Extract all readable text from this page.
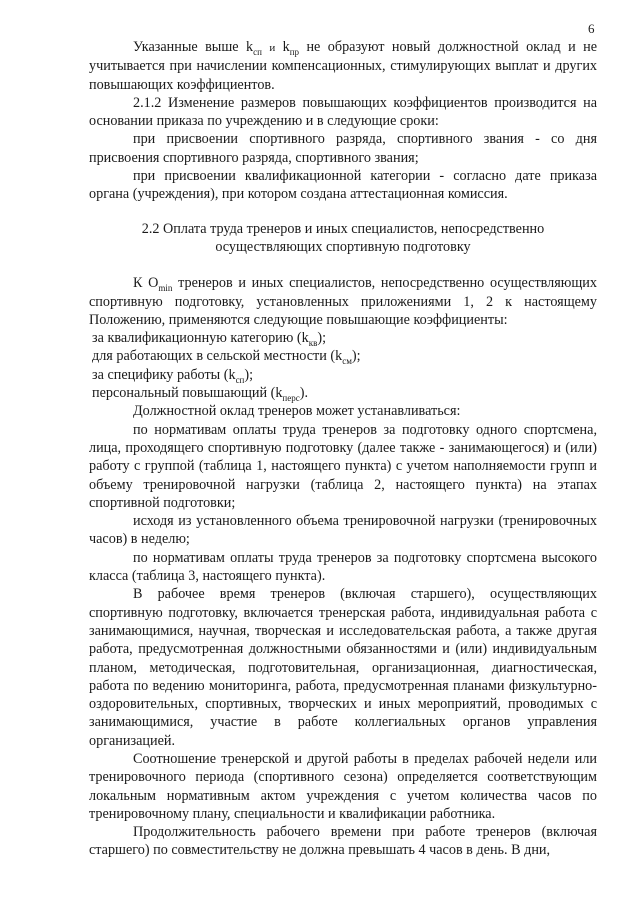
6

Указанные выше $k_{сп}$ и $k_{пр}$ не образуют новый должностной оклад и не учитывается при начислении компенсационных, стимулирующих выплат и других повышающих коэффициентов.

2.1.2 Изменение размеров повышающих коэффициентов производится на основании приказа по учреждению и в следующие сроки:

при присвоении спортивного разряда, спортивного звания - со дня присвоения спортивного разряда, спортивного звания;

при присвоении квалификационной категории - согласно дате приказа органа (учреждения), при котором создана аттестационная комиссия.

2.2 Оплата труда тренеров и иных специалистов, непосредственно осуществляющих спортивную подготовку

К $О_{min}$ тренеров и иных специалистов, непосредственно осуществляющих спортивную подготовку, установленных приложениями 1, 2 к настоящему Положению, применяются следующие повышающие коэффициенты:

за квалификационную категорию $(k_{кв})$;

для работающих в сельской местности $(k_{см})$;

за специфику работы $(k_{сп})$;

персональный повышающий $(k_{перс})$.

Должностной оклад тренеров может устанавливаться:

по нормативам оплаты труда тренеров за подготовку одного спортсмена, лица, проходящего спортивную подготовку (далее также - занимающегося) и (или) работу с группой (таблица 1, настоящего пункта) с учетом наполняемости групп и объему тренировочной нагрузки (таблица 2, настоящего пункта) на этапах спортивной подготовки;

исходя из установленного объема тренировочной нагрузки (тренировочных часов) в неделю;

по нормативам оплаты труда тренеров за подготовку спортсмена высокого класса (таблица 3, настоящего пункта).

В рабочее время тренеров (включая старшего), осуществляющих спортивную подготовку, включается тренерская работа, индивидуальная работа с занимающимися, научная, творческая и исследовательская работа, а также другая работа, предусмотренная должностными обязанностями и (или) индивидуальным планом, методическая, подготовительная, организационная, диагностическая, работа по ведению мониторинга, работа, предусмотренная планами физкультурно-оздоровительных, спортивных, творческих и иных мероприятий, проводимых с занимающимися, участие в работе коллегиальных органов управления организацией.

Соотношение тренерской и другой работы в пределах рабочей недели или тренировочного периода (спортивного сезона) определяется соответствующим локальным нормативным актом учреждения с учетом количества часов по тренировочному плану, специальности и квалификации работника.

Продолжительность рабочего времени при работе тренеров (включая старшего) по совместительству не должна превышать 4 часов в день. В дни,
